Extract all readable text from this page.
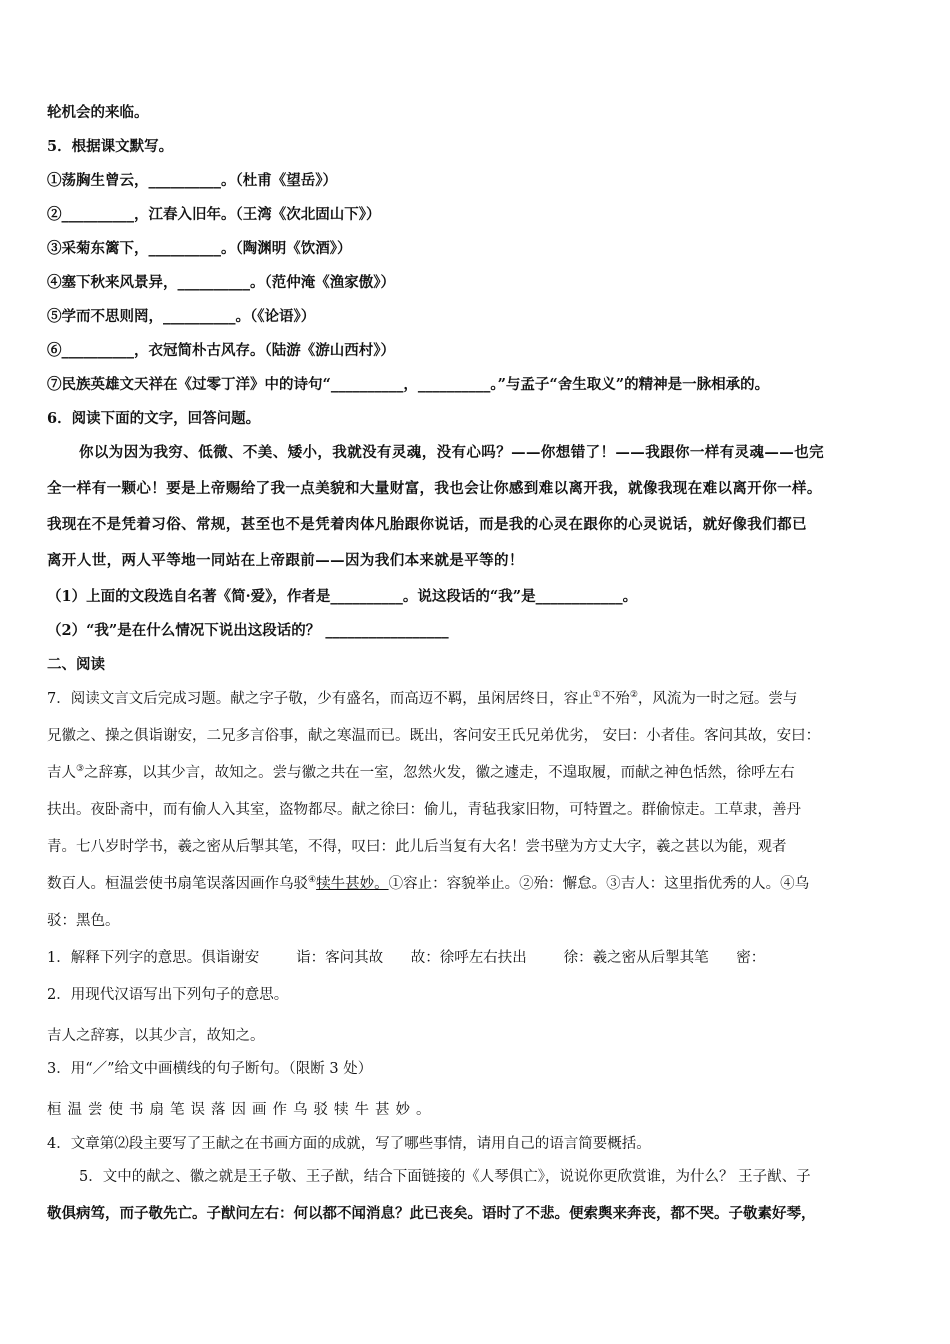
轮机会的来临。
5．根据课文默写。
①荡胸生曾云，__________。（杜甫《望岳》）
②__________，江春入旧年。（王湾《次北固山下》）
③采菊东篱下，__________。（陶渊明《饮酒》）
④塞下秋来风景异，__________。（范仲淹《渔家傲》）
⑤学而不思则罔，__________。（《论语》）
⑥__________，衣冠简朴古风存。（陆游《游山西村》）
⑦民族英雄文天祥在《过零丁洋》中的诗句“__________，__________。”与孟子“舍生取义”的精神是一脉相承的。
6．阅读下面的文字，回答问题。
你以为因为我穷、低微、不美、矮小，我就没有灵魂，没有心吗？——你想错了！——我跟你一样有灵魂——也完
全一样有一颗心！要是上帝赐给了我一点美貌和大量财富，我也会让你感到难以离开我，就像我现在难以离开你一样。
我现在不是凭着习俗、常规，甚至也不是凭着肉体凡胎跟你说话，而是我的心灵在跟你的心灵说话，就好像我们都已
离开人世，两人平等地一同站在上帝跟前——因为我们本来就是平等的！
（1）上面的文段选自名著《简·爱》，作者是__________。说这段话的“我”是____________。
（2）“我”是在什么情况下说出这段话的？ _________________
二、阅读
7．阅读文言文后完成习题。献之字子敬，少有盛名，而高迈不羁，虽闲居终日，容止①不殆②，风流为一时之冠。尝与
兄徽之、操之俱诣谢安，二兄多言俗事，献之寒温而已。既出，客问安王氏兄弟优劣， 安曰：小者佳。客问其故，安曰：
吉人③之辞寡，以其少言，故知之。尝与徽之共在一室，忽然火发，徽之遽走，不遑取履，而献之神色恬然，徐呼左右
扶出。夜卧斋中，而有偷人入其室，盗物都尽。献之徐曰：偷儿，青毡我家旧物，可特置之。群偷惊走。工草隶，善丹
青。七八岁时学书，羲之密从后掣其笔，不得，叹曰：此儿后当复有大名！尝书壁为方丈大字，羲之甚以为能，观者
数百人。桓温尝使书扇笔误落因画作乌驳④犊牛甚妙。①容止：容貌举止。②殆：懈怠。③吉人：这里指优秀的人。④乌
驳：黑色。
1．解释下列字的意思。俱诣谢安        诣：客问其故      故：徐呼左右扶出        徐：羲之密从后掣其笔      密：
2．用现代汉语写出下列句子的意思。
吉人之辞寡，以其少言，故知之。
3．用“／”给文中画横线的句子断句。（限断 3 处）
桓温尝使书扇笔误落因画作乌驳犊牛甚妙。
4．文章第⑵段主要写了王献之在书画方面的成就，写了哪些事情，请用自己的语言简要概括。
5．文中的献之、徽之就是王子敬、王子猷，结合下面链接的《人琴俱亡》，说说你更欣赏谁，为什么？ 王子猷、子
敬俱病笃，而子敬先亡。子猷问左右：何以都不闻消息？此已丧矣。语时了不悲。便索舆来奔丧，都不哭。子敬素好琴，
